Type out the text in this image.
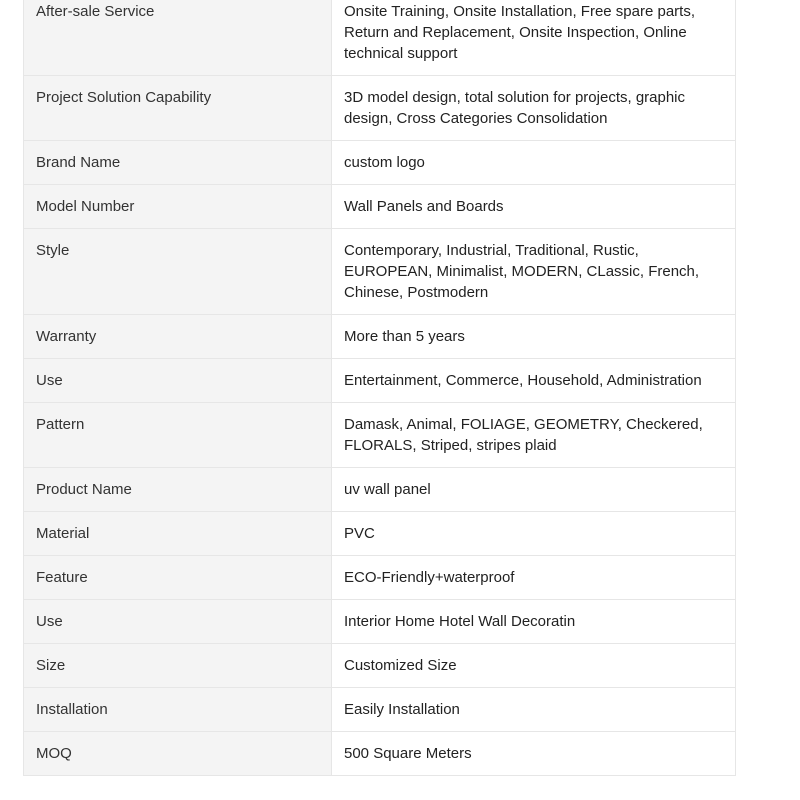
After-sale Service	Onsite Training, Onsite Installation, Free spare parts, Return and Replacement, Onsite Inspection, Online technical support
Project Solution Capability	3D model design, total solution for projects, graphic design, Cross Categories Consolidation
Brand Name	custom logo
Model Number	Wall Panels and Boards
Style	Contemporary, Industrial, Traditional, Rustic, EUROPEAN, Minimalist, MODERN, CLassic, French, Chinese, Postmodern
Warranty	More than 5 years
Use	Entertainment, Commerce, Household, Administration
Pattern	Damask, Animal, FOLIAGE, GEOMETRY, Checkered, FLORALS, Striped, stripes plaid
Product Name	uv wall panel
Material	PVC
Feature	ECO-Friendly+waterproof
Use	Interior Home Hotel Wall Decoratin
Size	Customized Size
Installation	Easily Installation
MOQ	500 Square Meters
